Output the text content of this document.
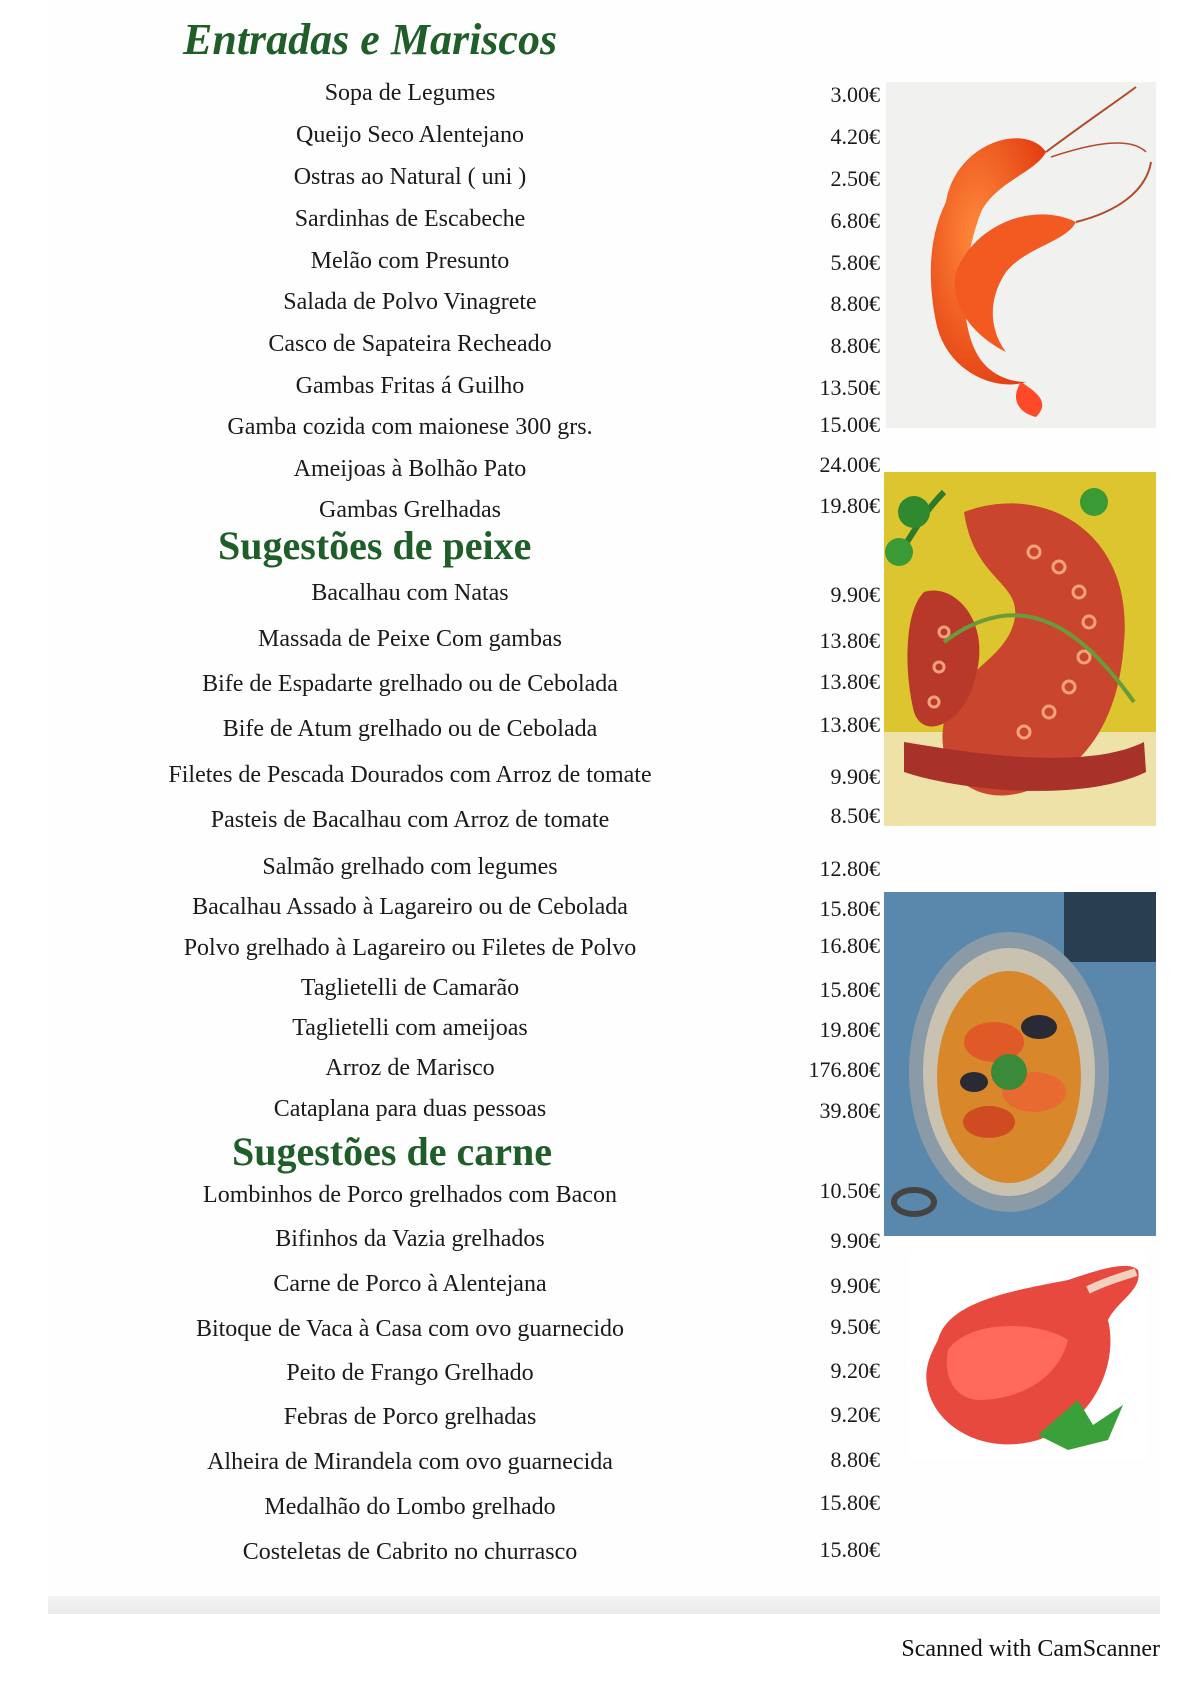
Entradas e Mariscos
Sugestões de peixe
Sugestões de carne
Sopa de Legumes	3.00€
Queijo Seco Alentejano	4.20€
Ostras ao Natural ( uni )	2.50€
Sardinhas de Escabeche	6.80€
Melão com Presunto	5.80€
Salada de Polvo Vinagrete	8.80€
Casco de Sapateira Recheado	8.80€
Gambas Fritas á Guilho	13.50€
Gamba cozida com maionese 300 grs.	15.00€
Ameijoas à Bolhão Pato	24.00€
Gambas Grelhadas	19.80€
Bacalhau com Natas	9.90€
Massada de Peixe Com gambas	13.80€
Bife de Espadarte grelhado ou de Cebolada	13.80€
Bife de Atum grelhado ou de Cebolada	13.80€
Filetes de Pescada Dourados com Arroz de tomate	9.90€
Pasteis de Bacalhau com Arroz de tomate	8.50€
Salmão grelhado com legumes	12.80€
Bacalhau Assado à Lagareiro ou de Cebolada	15.80€
Polvo grelhado à Lagareiro ou Filetes de Polvo	16.80€
Taglietelli de Camarão	15.80€
Taglietelli com ameijoas	19.80€
Arroz de Marisco	176.80€
Cataplana para duas pessoas	39.80€
Lombinhos de Porco grelhados com Bacon	10.50€
Bifinhos da Vazia grelhados	9.90€
Carne de Porco à Alentejana	9.90€
Bitoque de Vaca à Casa com ovo guarnecido	9.50€
Peito de Frango Grelhado	9.20€
Febras de Porco grelhadas	9.20€
Alheira de Mirandela com ovo guarnecida	8.80€
Medalhão do Lombo grelhado	15.80€
Costeletas de Cabrito no churrasco	15.80€
Scanned with CamScanner
